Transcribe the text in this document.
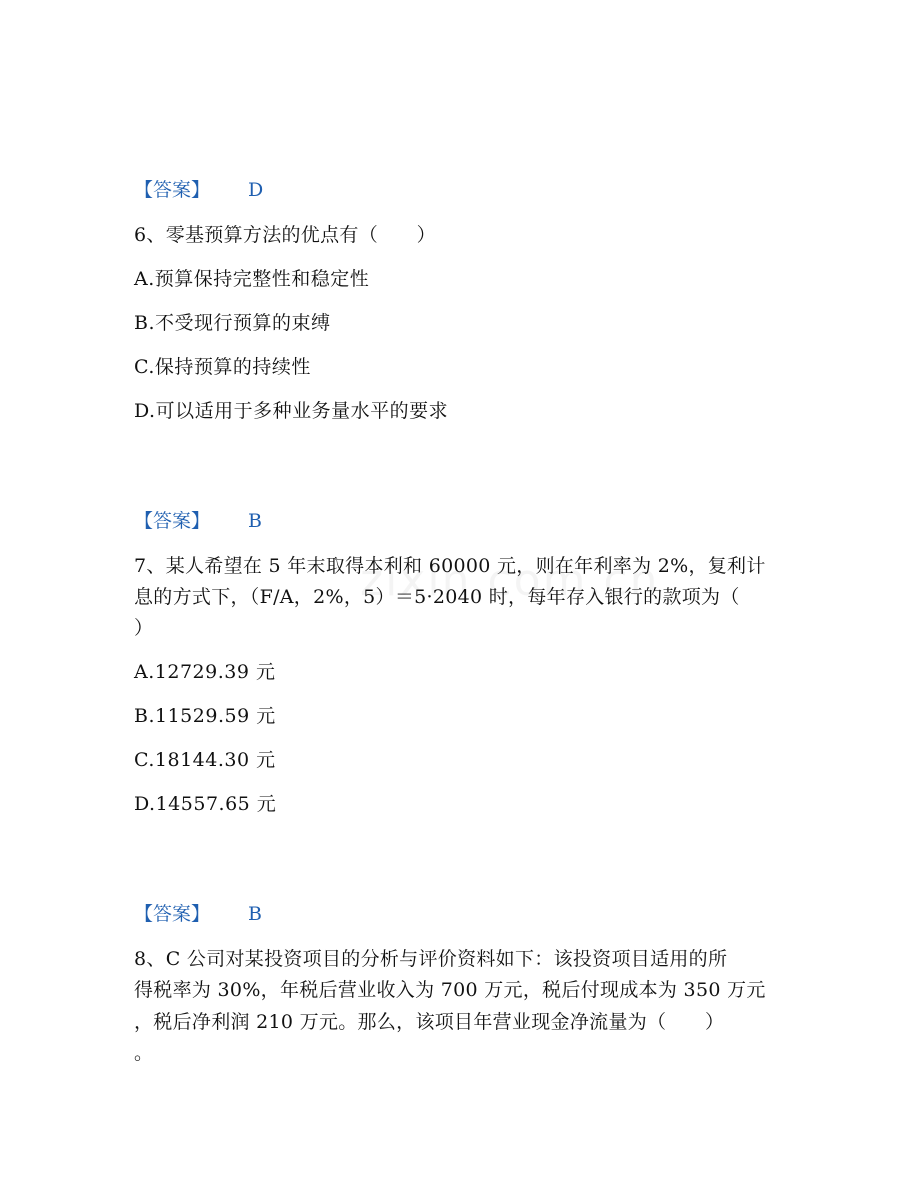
【答案】 D
6、零基预算方法的优点有（　　）
A.预算保持完整性和稳定性
B.不受现行预算的束缚
C.保持预算的持续性
D.可以适用于多种业务量水平的要求
【答案】 B
7、某人希望在 5 年末取得本利和 60000 元，则在年利率为 2%，复利计
息的方式下，（F/A，2%，5）＝5·2040 时，每年存入银行的款项为（
）
A.12729.39 元
B.11529.59 元
C.18144.30 元
D.14557.65 元
【答案】 B
8、C 公司对某投资项目的分析与评价资料如下：该投资项目适用的所
得税率为 30%，年税后营业收入为 700 万元，税后付现成本为 350 万元
，税后净利润 210 万元。那么，该项目年营业现金净流量为（　　）
。
